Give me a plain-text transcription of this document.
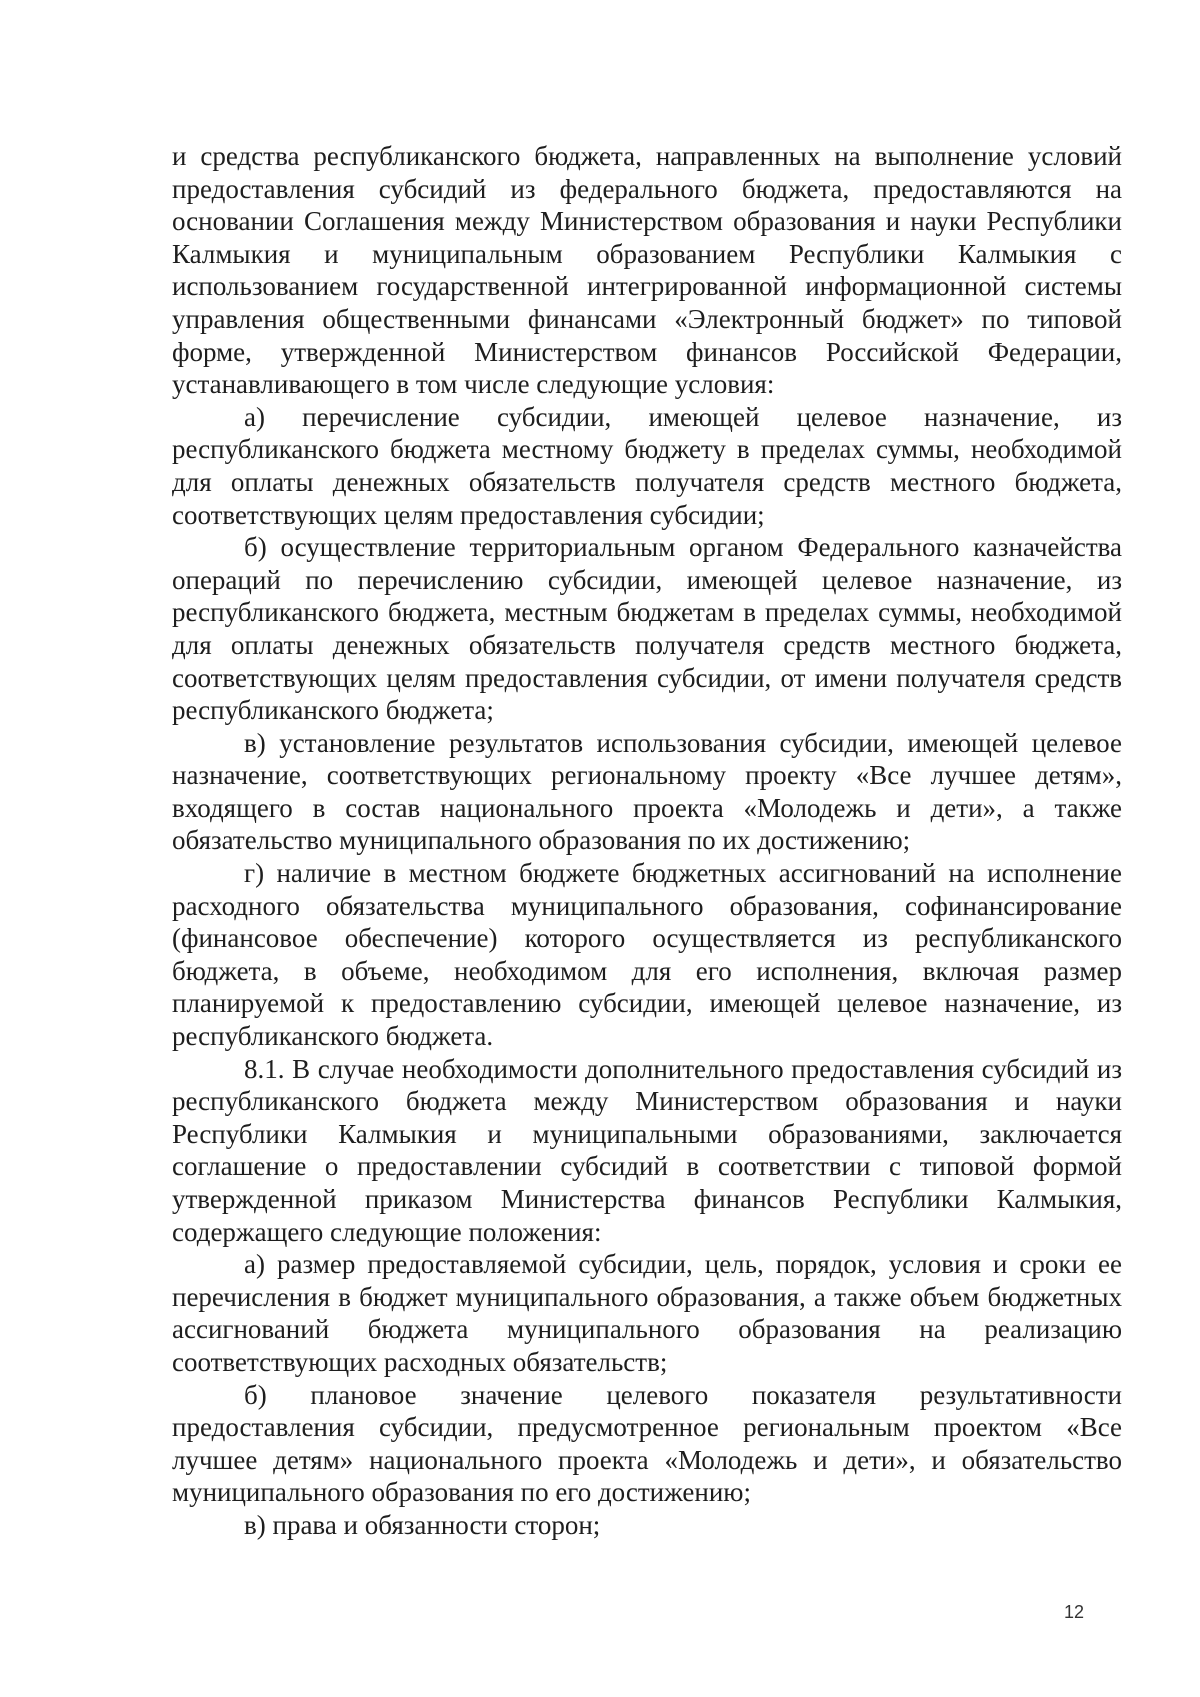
и средства республиканского бюджета, направленных на выполнение условий предоставления субсидий из федерального бюджета, предоставляются на основании Соглашения между Министерством образования и науки Республики Калмыкия и муниципальным образованием Республики Калмыкия с использованием государственной интегрированной информационной системы управления общественными финансами «Электронный бюджет» по типовой форме, утвержденной Министерством финансов Российской Федерации, устанавливающего в том числе следующие условия:

а) перечисление субсидии, имеющей целевое назначение, из республиканского бюджета местному бюджету в пределах суммы, необходимой для оплаты денежных обязательств получателя средств местного бюджета, соответствующих целям предоставления субсидии;

б) осуществление территориальным органом Федерального казначейства операций по перечислению субсидии, имеющей целевое назначение, из республиканского бюджета, местным бюджетам в пределах суммы, необходимой для оплаты денежных обязательств получателя средств местного бюджета, соответствующих целям предоставления субсидии, от имени получателя средств республиканского бюджета;

в) установление результатов использования субсидии, имеющей целевое назначение, соответствующих региональному проекту «Все лучшее детям», входящего в состав национального проекта «Молодежь и дети», а также обязательство муниципального образования по их достижению;

г) наличие в местном бюджете бюджетных ассигнований на исполнение расходного обязательства муниципального образования, софинансирование (финансовое обеспечение) которого осуществляется из республиканского бюджета, в объеме, необходимом для его исполнения, включая размер планируемой к предоставлению субсидии, имеющей целевое назначение, из республиканского бюджета.

8.1. В случае необходимости дополнительного предоставления субсидий из республиканского бюджета между Министерством образования и науки Республики Калмыкия и муниципальными образованиями, заключается соглашение о предоставлении субсидий в соответствии с типовой формой утвержденной приказом Министерства финансов Республики Калмыкия, содержащего следующие положения:

а) размер предоставляемой субсидии, цель, порядок, условия и сроки ее перечисления в бюджет муниципального образования, а также объем бюджетных ассигнований бюджета муниципального образования на реализацию соответствующих расходных обязательств;

б) плановое значение целевого показателя результативности предоставления субсидии, предусмотренное региональным проектом «Все лучшее детям» национального проекта «Молодежь и дети», и обязательство муниципального образования по его достижению;

в) права и обязанности сторон;

12
